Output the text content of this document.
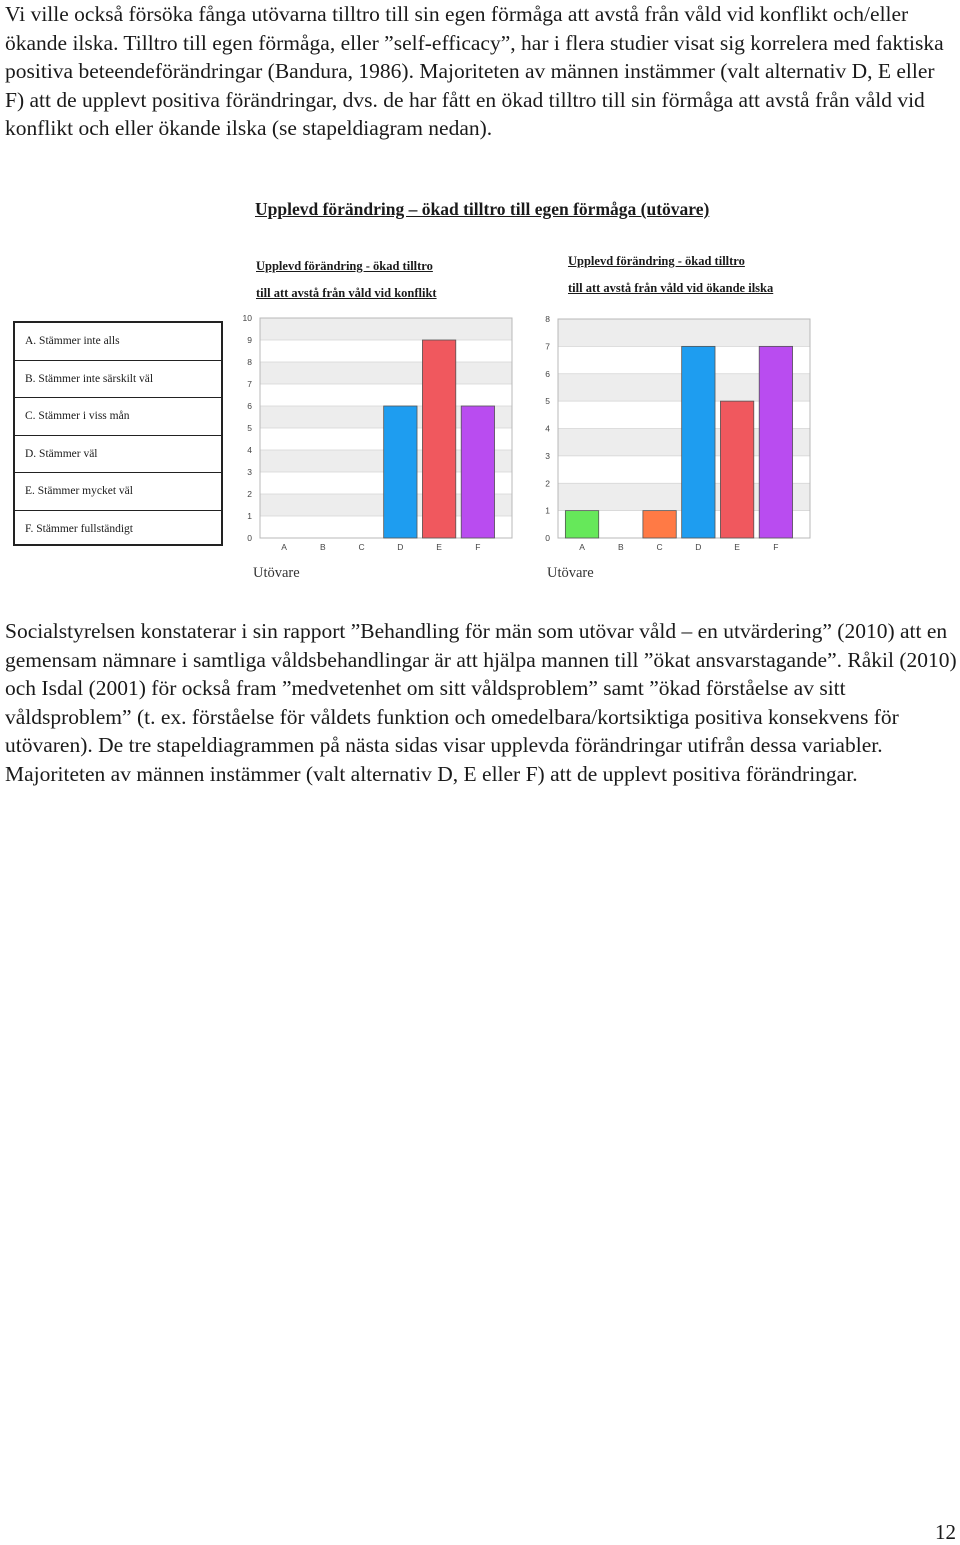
Vi ville också försöka fånga utövarna tilltro till sin egen förmåga att avstå från våld vid konflikt och/eller ökande ilska. Tilltro till egen förmåga, eller ”self-efficacy”, har i flera studier visat sig korrelera med faktiska positiva beteendeförändringar (Bandura, 1986). Majoriteten av männen instämmer (valt alternativ D, E eller F) att de upplevt positiva förändringar, dvs. de har fått en ökad tilltro till sin förmåga att avstå från våld vid konflikt och eller ökande ilska (se stapeldiagram nedan).

Upplevd förändring – ökad tilltro till egen förmåga (utövare)
Upplevd förändring - ökad tilltro
till att avstå från våld vid konflikt
Upplevd förändring - ökad tilltro
till att avstå från våld vid ökande ilska
A. Stämmer inte alls
B. Stämmer inte särskilt väl
C. Stämmer i viss mån
D. Stämmer väl
E. Stämmer mycket väl
F. Stämmer fullständigt
0
1
2
3
4
5
6
7
8
9
10
A	B	C	D	E	F
0
1
2
3
4
5
6
7
8
A	B	C	D	E	F
Utövare	Utövare

Socialstyrelsen konstaterar i sin rapport ”Behandling för män som utövar våld – en utvärdering” (2010) att en gemensam nämnare i samtliga våldsbehandlingar är att hjälpa mannen till ”ökat ansvarstagande”. Råkil (2010) och Isdal (2001) för också fram ”medvetenhet om sitt våldsproblem” samt ”ökad förståelse av sitt våldsproblem” (t. ex. förståelse för våldets funktion och omedelbara/kortsiktiga positiva konsekvens för utövaren). De tre stapeldiagrammen på nästa sidas visar upplevda förändringar utifrån dessa variabler. Majoriteten av männen instämmer (valt alternativ D, E eller F) att de upplevt positiva förändringar.

12
